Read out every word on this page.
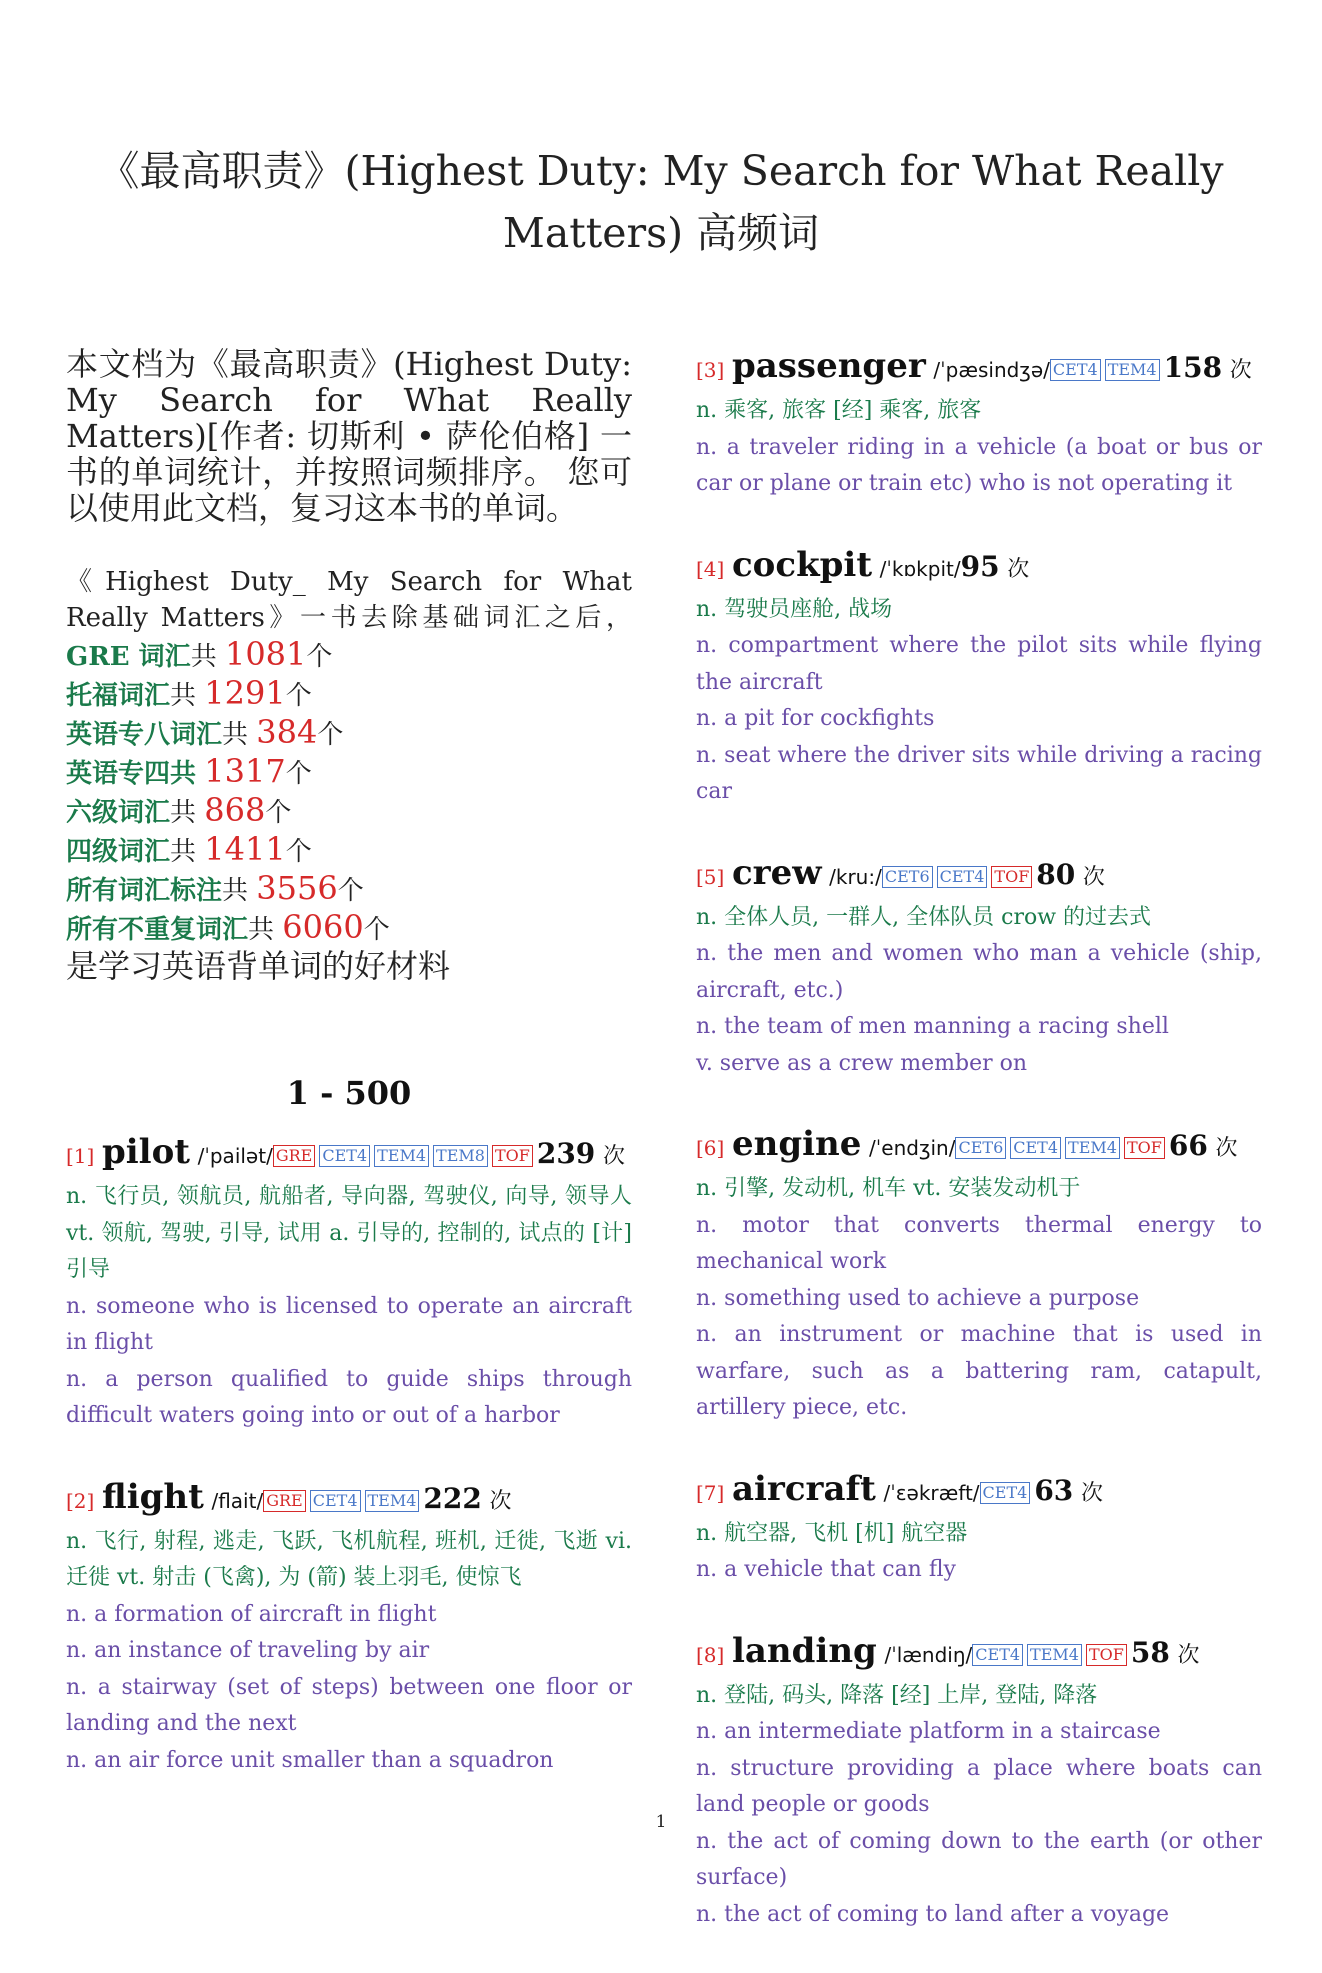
《最高职责》(Highest Duty: My Search for What Really Matters) 高频词

本文档为《最高职责》(Highest Duty: My Search for What Really Matters)[作者: 切斯利 • 萨伦伯格] 一书的单词统计，并按照词频排序。 您可以使用此文档，复习这本书的单词。

《Highest Duty_ My Search for What Really Matters》一书去除基础词汇之后，
GRE 词汇共 1081个
托福词汇共 1291个
英语专八词汇共 384个
英语专四共 1317个
六级词汇共 868个
四级词汇共 1411个
所有词汇标注共 3556个
所有不重复词汇共 6060个
是学习英语背单词的好材料
1 - 500
[1] pilot /ˈpailət/ GRE CET4 TEM4 TEM8 TOF 239 次
n. 飞行员, 领航员, 航船者, 导向器, 驾驶仪, 向导, 领导人 vt. 领航, 驾驶, 引导, 试用 a. 引导的, 控制的, 试点的 [计] 引导
n. someone who is licensed to operate an aircraft in flight
n. a person qualified to guide ships through difficult waters going into or out of a harbor
[2] flight /flait/ GRE CET4 TEM4 222 次
n. 飞行, 射程, 逃走, 飞跃, 飞机航程, 班机, 迁徙, 飞逝 vi. 迁徙 vt. 射击 (飞禽), 为 (箭) 装上羽毛, 使惊飞
n. a formation of aircraft in flight
n. an instance of traveling by air
n. a stairway (set of steps) between one floor or landing and the next
n. an air force unit smaller than a squadron
[3] passenger /ˈpæsindʒə/ CET4 TEM4 158 次
n. 乘客, 旅客 [经] 乘客, 旅客
n. a traveler riding in a vehicle (a boat or bus or car or plane or train etc) who is not operating it
[4] cockpit /ˈkɒkpit/95 次
n. 驾驶员座舱, 战场
n. compartment where the pilot sits while flying the aircraft
n. a pit for cockfights
n. seat where the driver sits while driving a racing car
[5] crew /kru:/ CET6 CET4 TOF 80 次
n. 全体人员, 一群人, 全体队员 crow 的过去式
n. the men and women who man a vehicle (ship, aircraft, etc.)
n. the team of men manning a racing shell
v. serve as a crew member on
[6] engine /ˈendʒin/ CET6 CET4 TEM4 TOF 66 次
n. 引擎, 发动机, 机车 vt. 安装发动机于
n. motor that converts thermal energy to mechanical work
n. something used to achieve a purpose
n. an instrument or machine that is used in warfare, such as a battering ram, catapult, artillery piece, etc.
[7] aircraft /ˈɛəkræft/ CET4 63 次
n. 航空器, 飞机 [机] 航空器
n. a vehicle that can fly
[8] landing /ˈlændiŋ/ CET4 TEM4 TOF 58 次
n. 登陆, 码头, 降落 [经] 上岸, 登陆, 降落
n. an intermediate platform in a staircase
n. structure providing a place where boats can land people or goods
n. the act of coming down to the earth (or other surface)
n. the act of coming to land after a voyage
1
